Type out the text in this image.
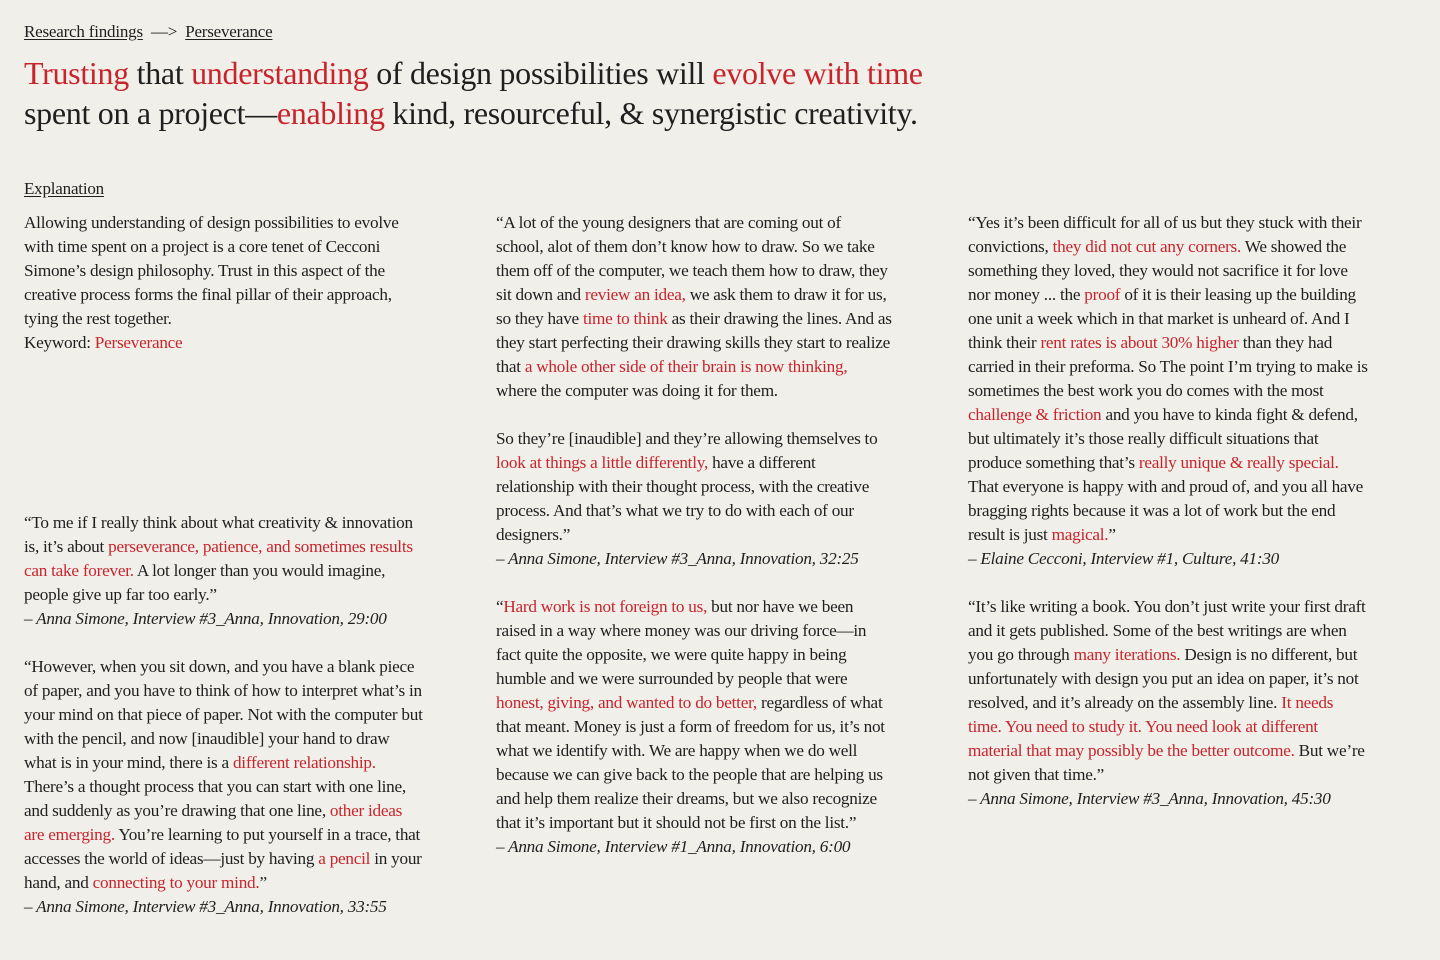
Research findings —> Perseverance
Trusting that understanding of design possibilities will evolve with time
spent on a project—enabling kind, resourceful, & synergistic creativity.
Explanation

Allowing understanding of design possibilities to evolve with time spent on a project is a core tenet of Cecconi Simone’s design philosophy. Trust in this aspect of the creative process forms the final pillar of their approach, tying the rest together.

Keyword: Perseverance

“To me if I really think about what creativity & innovation is, it’s about perseverance, patience, and sometimes results can take forever. A lot longer than you would imagine, people give up far too early.”

– Anna Simone, Interview #3_Anna, Innovation, 29:00

“However, when you sit down, and you have a blank piece of paper, and you have to think of how to interpret what’s in your mind on that piece of paper. Not with the computer but with the pencil, and now [inaudible] your hand to draw what is in your mind, there is a different relationship. There’s a thought process that you can start with one line, and suddenly as you’re drawing that one line, other ideas are emerging. You’re learning to put yourself in a trace, that accesses the world of ideas—just by having a pencil in your hand, and connecting to your mind.”

– Anna Simone, Interview #3_Anna, Innovation, 33:55

“A lot of the young designers that are coming out of school, alot of them don’t know how to draw. So we take them off of the computer, we teach them how to draw, they sit down and review an idea, we ask them to draw it for us, so they have time to think as their drawing the lines. And as they start perfecting their drawing skills they start to realize that a whole other side of their brain is now thinking, where the computer was doing it for them.

So they’re [inaudible] and they’re allowing themselves to look at things a little differently, have a different relationship with their thought process, with the creative process. And that’s what we try to do with each of our designers.”

– Anna Simone, Interview #3_Anna, Innovation, 32:25

“Hard work is not foreign to us, but nor have we been raised in a way where money was our driving force—in fact quite the opposite, we were quite happy in being humble and we were surrounded by people that were honest, giving, and wanted to do better, regardless of what that meant. Money is just a form of freedom for us, it’s not what we identify with. We are happy when we do well because we can give back to the people that are helping us and help them realize their dreams, but we also recognize that it’s important but it should not be first on the list.”

– Anna Simone, Interview #1_Anna, Innovation, 6:00

“Yes it’s been difficult for all of us but they stuck with their convictions, they did not cut any corners. We showed the something they loved, they would not sacrifice it for love nor money ... the proof of it is their leasing up the building one unit a week which in that market is unheard of. And I think their rent rates is about 30% higher than they had carried in their preforma. So The point I’m trying to make is sometimes the best work you do comes with the most challenge & friction and you have to kinda fight & defend, but ultimately it’s those really difficult situations that produce something that’s really unique & really special. That everyone is happy with and proud of, and you all have bragging rights because it was a lot of work but the end result is just magical.”

– Elaine Cecconi, Interview #1, Culture, 41:30

“It’s like writing a book. You don’t just write your first draft and it gets published. Some of the best writings are when you go through many iterations. Design is no different, but unfortunately with design you put an idea on paper, it’s not resolved, and it’s already on the assembly line. It needs time. You need to study it. You need look at different material that may possibly be the better outcome. But we’re not given that time.”

– Anna Simone, Interview #3_Anna, Innovation, 45:30
